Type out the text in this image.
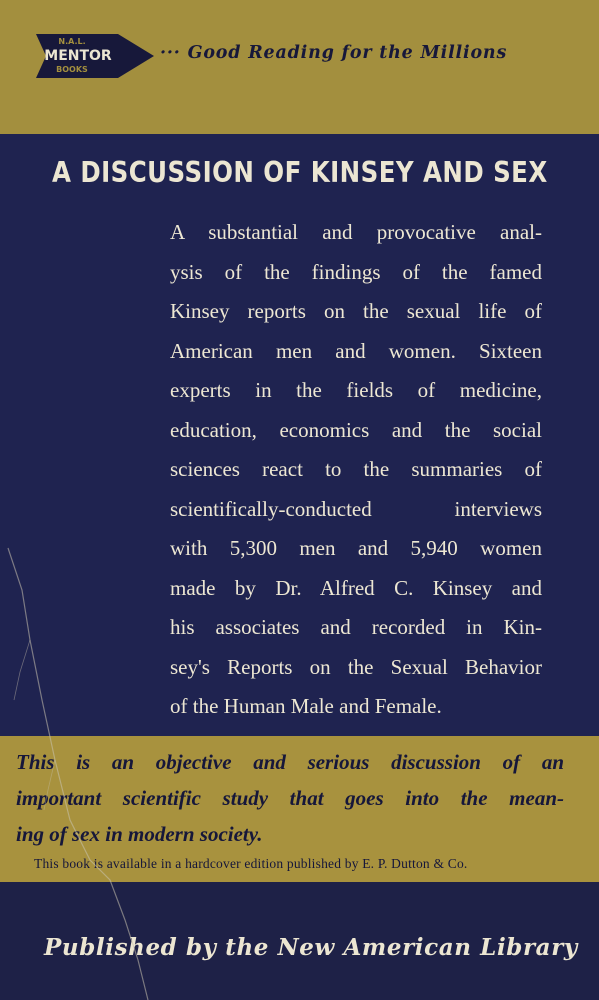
N.A.L.
MENTOR
BOOKS
··· Good Reading for the Millions
A DISCUSSION OF KINSEY AND SEX
A substantial and provocative anal-
ysis of the findings of the famed
Kinsey reports on the sexual life of
American men and women. Sixteen
experts in the fields of medicine,
education, economics and the social
sciences react to the summaries of
scientifically-conducted interviews
with 5,300 men and 5,940 women
made by Dr. Alfred C. Kinsey and
his associates and recorded in Kin-
sey's Reports on the Sexual Behavior
of the Human Male and Female.
This is an objective and serious discussion of an
important scientific study that goes into the mean-
ing of sex in modern society.
This book is available in a hardcover edition published by E. P. Dutton & Co.
Published by the New American Library
